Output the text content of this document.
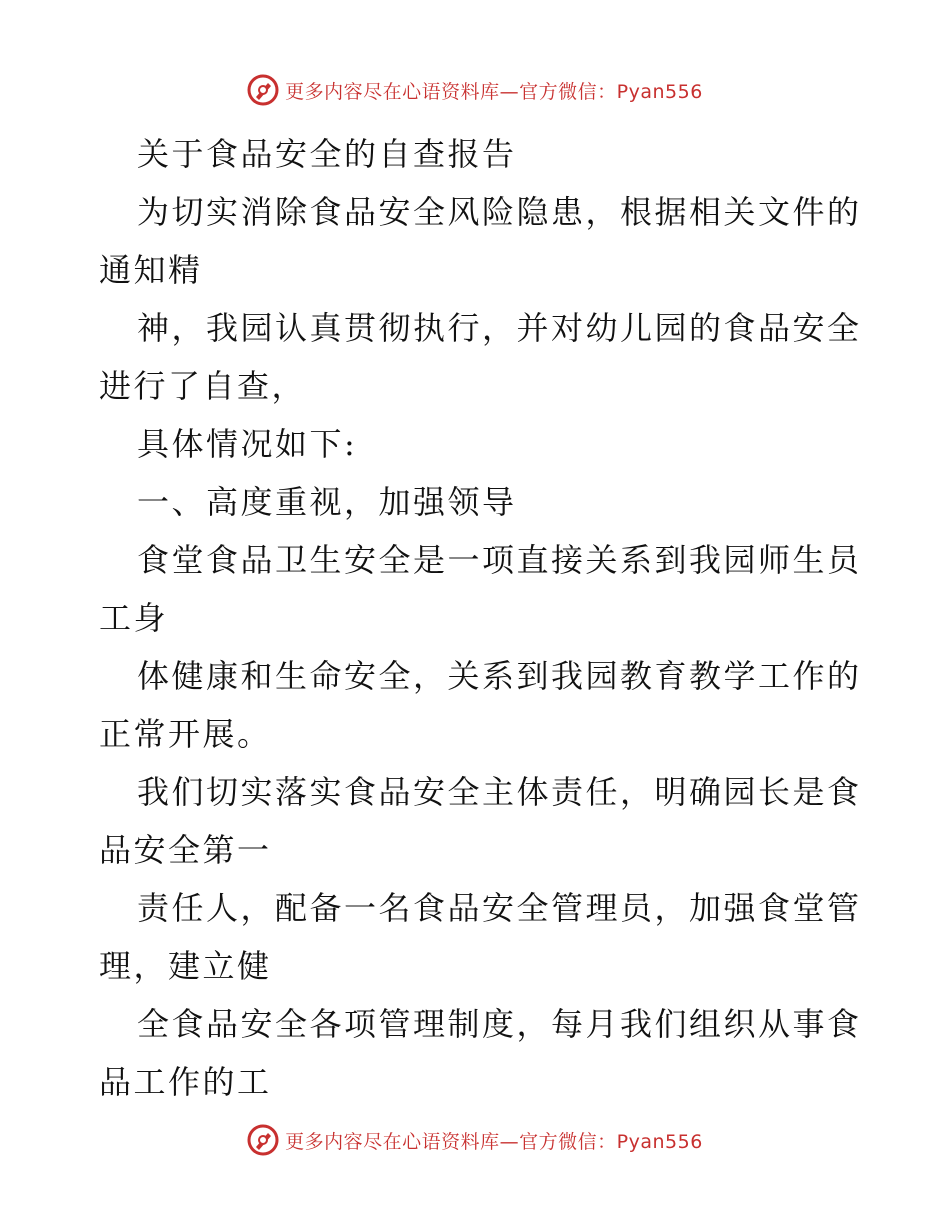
更多内容尽在心语资料库—官方微信：Pyan556

关于食品安全的自查报告

为切实消除食品安全风险隐患，根据相关文件的
通知精

神，我园认真贯彻执行，并对幼儿园的食品安全
进行了自查，

具体情况如下:

一、高度重视，加强领导

食堂食品卫生安全是一项直接关系到我园师生员
工身

体健康和生命安全，关系到我园教育教学工作的
正常开展。

我们切实落实食品安全主体责任，明确园长是食
品安全第一

责任人，配备一名食品安全管理员，加强食堂管
理，建立健

全食品安全各项管理制度，每月我们组织从事食
品工作的工

更多内容尽在心语资料库—官方微信：Pyan556
